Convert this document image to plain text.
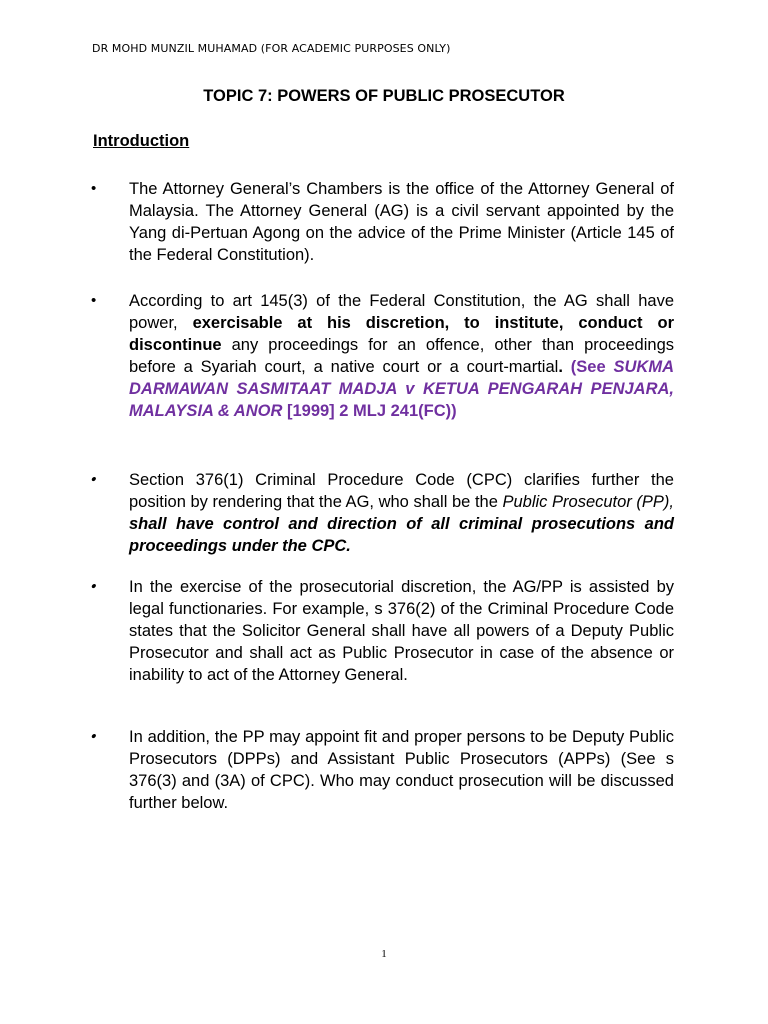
DR MOHD MUNZIL MUHAMAD (FOR ACADEMIC PURPOSES ONLY)
TOPIC 7: POWERS OF PUBLIC PROSECUTOR
Introduction
• The Attorney General’s Chambers is the office of the Attorney General of Malaysia. The Attorney General (AG) is a civil servant appointed by the Yang di-Pertuan Agong on the advice of the Prime Minister (Article 145 of the Federal Constitution).
• According to art 145(3) of the Federal Constitution, the AG shall have power, exercisable at his discretion, to institute, conduct or discontinue any proceedings for an offence, other than proceedings before a Syariah court, a native court or a court-martial. (See SUKMA DARMAWAN SASMITAAT MADJA v KETUA PENGARAH PENJARA, MALAYSIA & ANOR [1999] 2 MLJ 241(FC))
• Section 376(1) Criminal Procedure Code (CPC) clarifies further the position by rendering that the AG, who shall be the Public Prosecutor (PP), shall have control and direction of all criminal prosecutions and proceedings under the CPC.
• In the exercise of the prosecutorial discretion, the AG/PP is assisted by legal functionaries. For example, s 376(2) of the Criminal Procedure Code states that the Solicitor General shall have all powers of a Deputy Public Prosecutor and shall act as Public Prosecutor in case of the absence or inability to act of the Attorney General.
• In addition, the PP may appoint fit and proper persons to be Deputy Public Prosecutors (DPPs) and Assistant Public Prosecutors (APPs) (See s 376(3) and (3A) of CPC). Who may conduct prosecution will be discussed further below.
1
